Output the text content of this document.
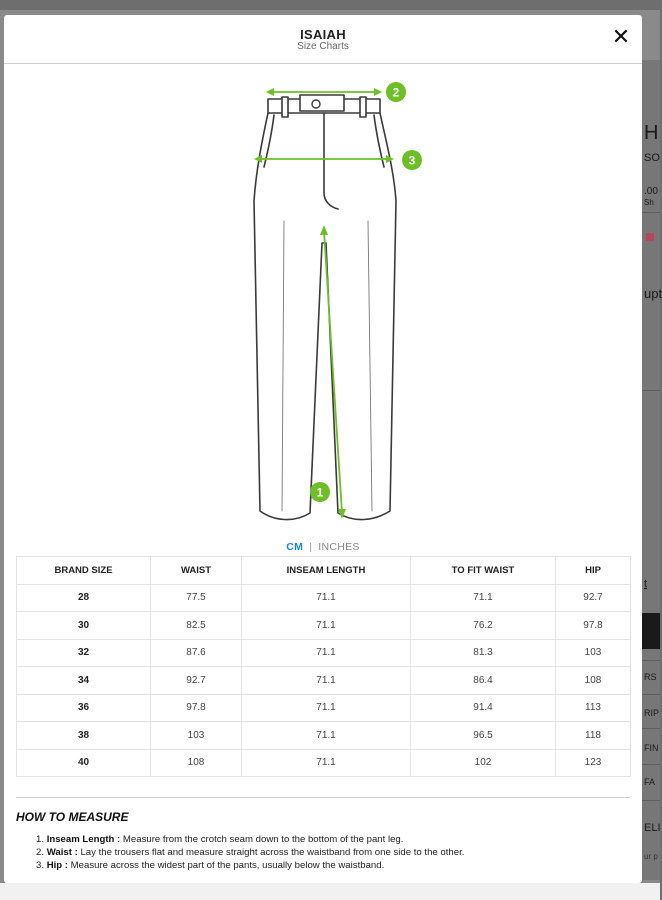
H
SO
.00
Sh
upt
t
RS
RIP
FIN
FA
ELI
ur p
ISAIAH
Size Charts	✕
2
3
1
CM | INCHES
BRAND SIZE	WAIST	INSEAM LENGTH	TO FIT WAIST	HIP
28	77.5	71.1	71.1	92.7
30	82.5	71.1	76.2	97.8
32	87.6	71.1	81.3	103
34	92.7	71.1	86.4	108
36	97.8	71.1	91.4	113
38	103	71.1	96.5	118
40	108	71.1	102	123
HOW TO MEASURE
1. Inseam Length : Measure from the crotch seam down to the bottom of the pant leg.
2. Waist : Lay the trousers flat and measure straight across the waistband from one side to the other.
3. Hip : Measure across the widest part of the pants, usually below the waistband.
